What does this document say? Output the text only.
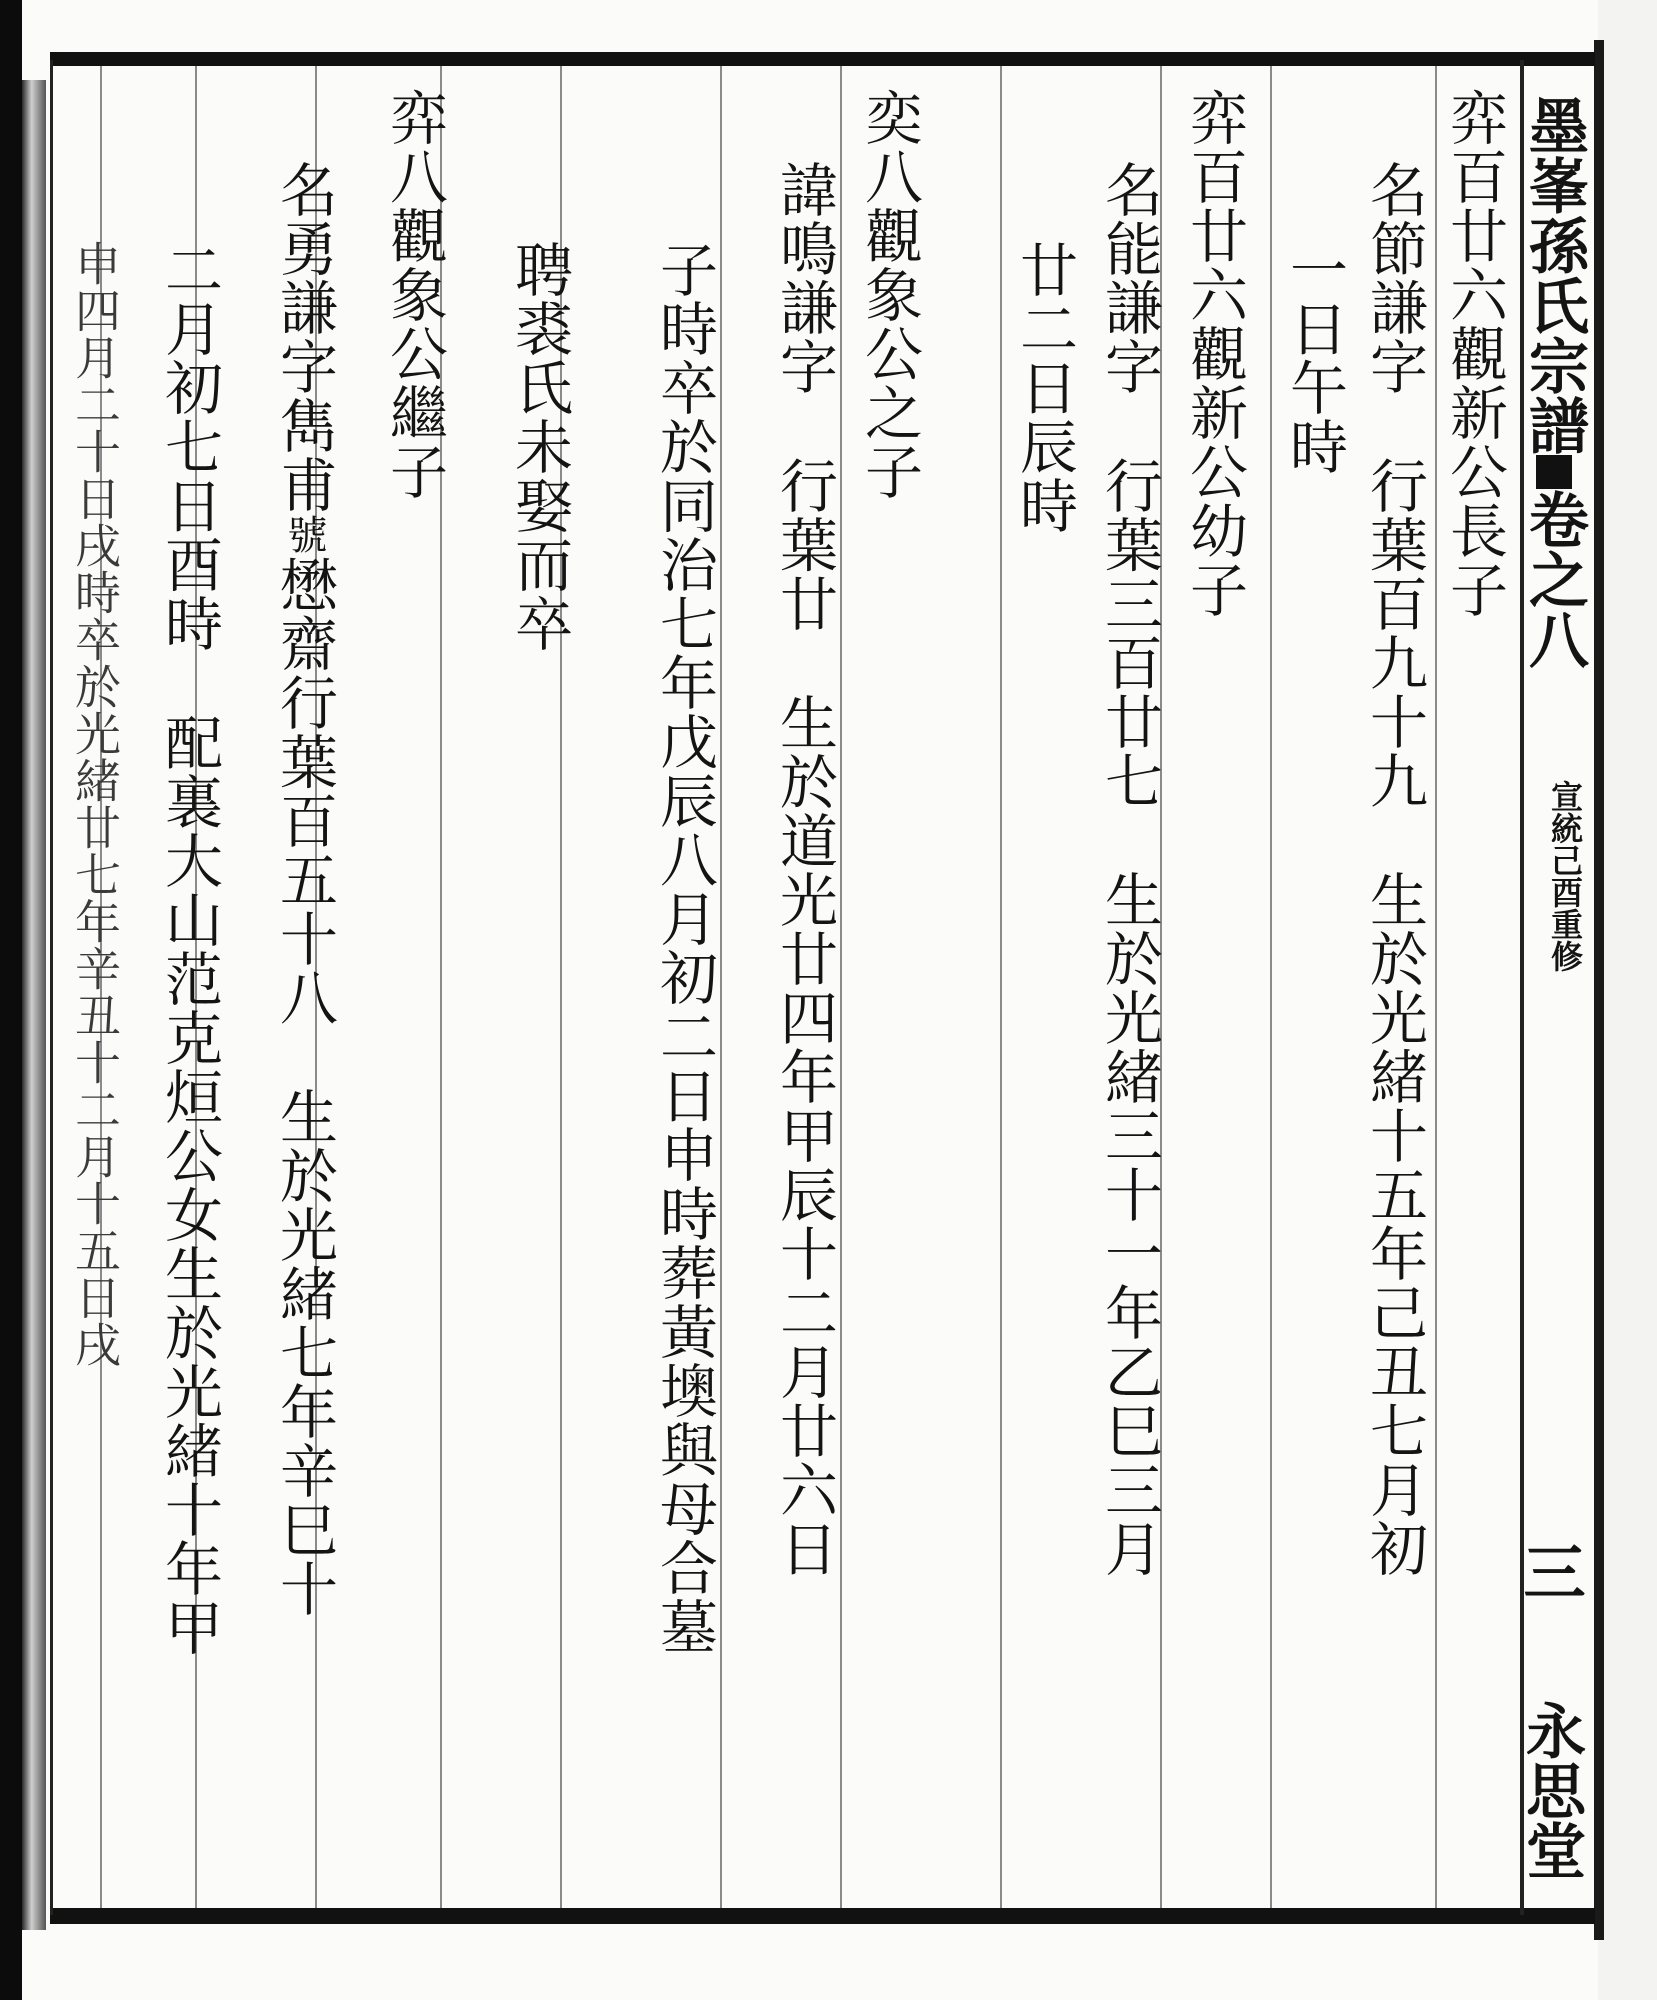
墨峯孫氏宗譜卷之八
宣統己酉重修
三
永思堂
弈百廿六觀新公長子
名節謙字行葉百九十九生於光緒十五年己丑七月初
一日午時
弈百廿六觀新公幼子
名能謙字行葉三百廿七生於光緒三十一年乙巳三月
廿二日辰時
奕八觀象公之子
諱鳴謙字行葉廿生於道光廿四年甲辰十二月廿六日
子時卒於同治七年戊辰八月初二日申時葬黃墺與母合墓
聘裘氏未娶而卒
弈八觀象公繼子
名勇謙字雋甫號懋齋行葉百五十八生於光緒七年辛巳十
二月初七日酉時配裏大山范克烜公女生於光緒十年甲
申四月二十日戌時卒於光緒廿七年辛丑十二月十五日戌
